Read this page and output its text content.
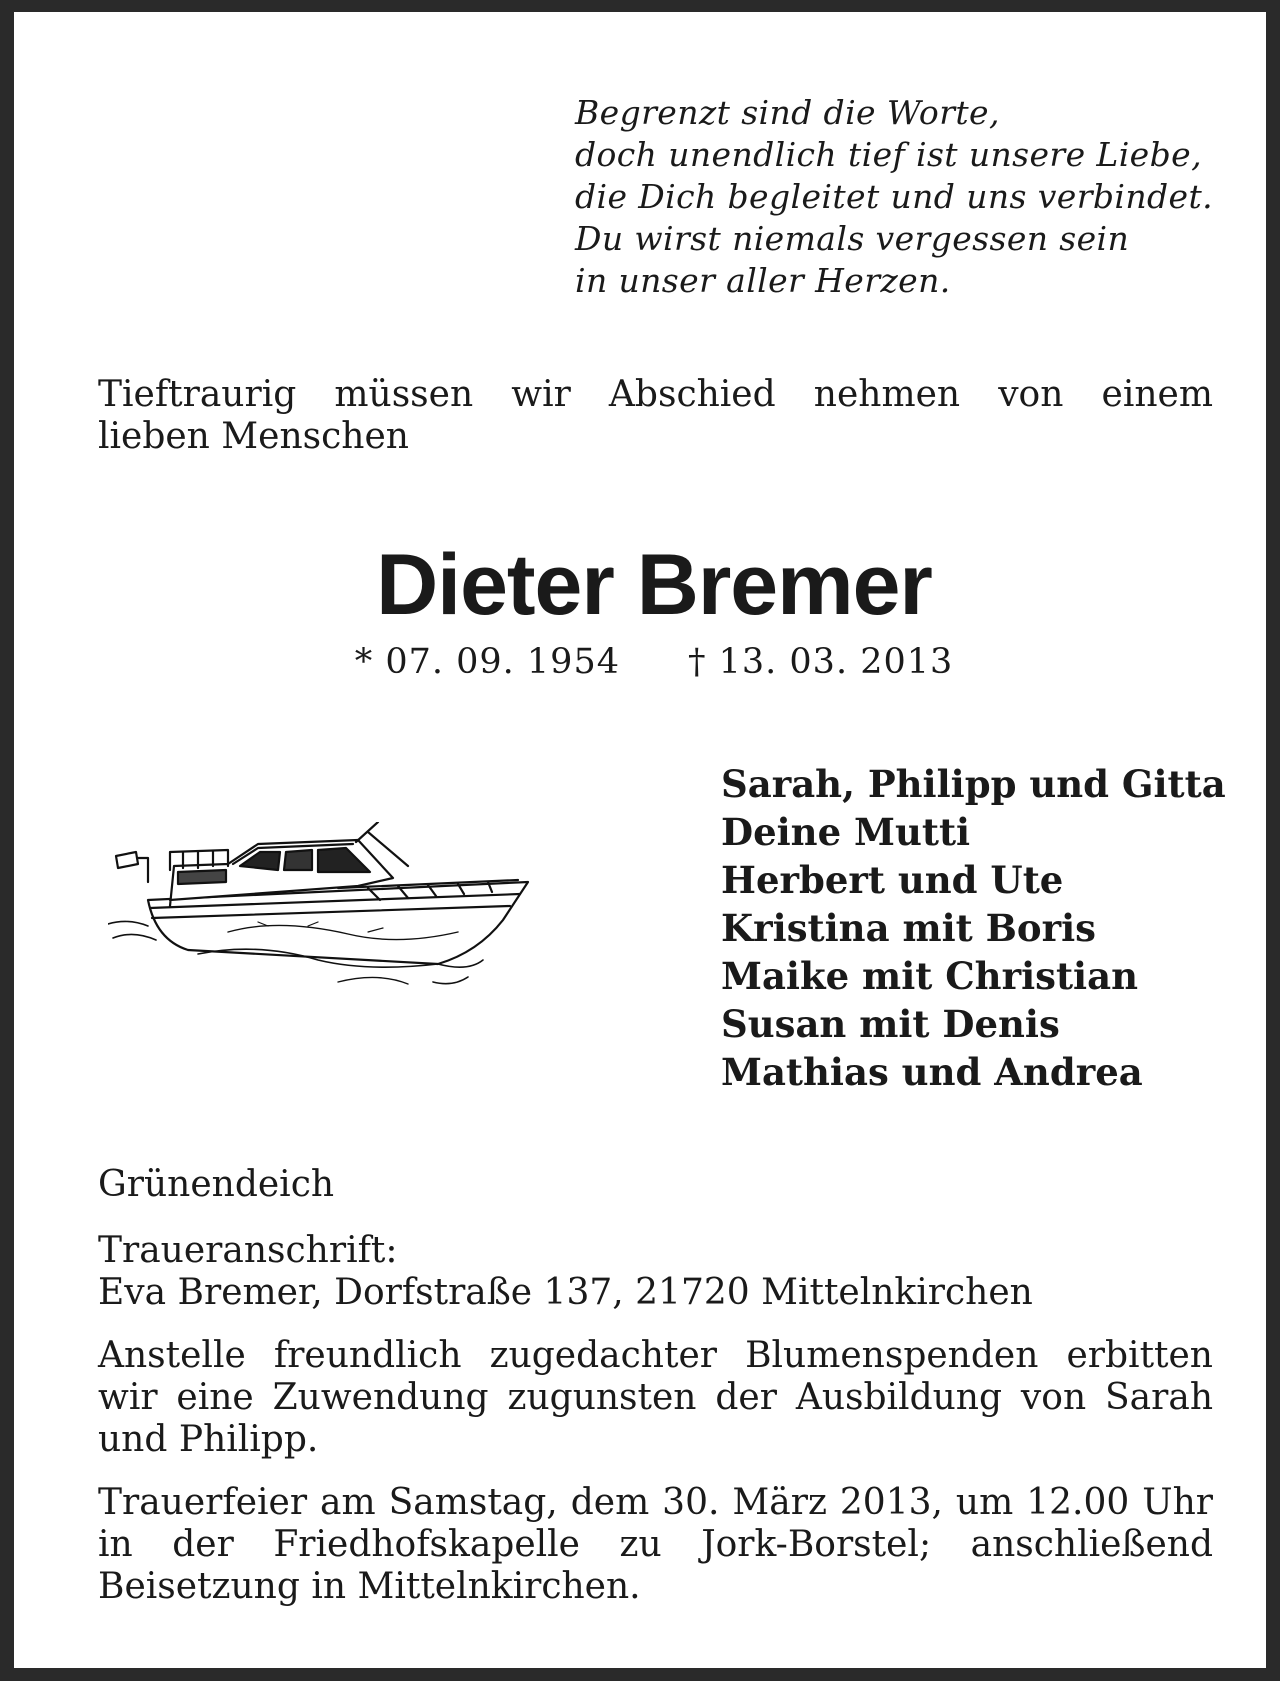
Begrenzt sind die Worte,
doch unendlich tief ist unsere Liebe,
die Dich begleitet und uns verbindet.
Du wirst niemals vergessen sein
in unser aller Herzen.
Tieftraurig müssen wir Abschied nehmen von einem
lieben Menschen
Dieter Bremer
* 07. 09. 1954 † 13. 03. 2013
Sarah, Philipp und Gitta
Deine Mutti
Herbert und Ute
Kristina mit Boris
Maike mit Christian
Susan mit Denis
Mathias und Andrea
Grünendeich
Traueranschrift:
Eva Bremer, Dorfstraße 137, 21720 Mittelnkirchen
Anstelle freundlich zugedachter Blumenspenden erbitten wir eine Zuwendung zugunsten der Ausbildung von Sarah und Philipp.
Trauerfeier am Samstag, dem 30. März 2013, um 12.00 Uhr in der Friedhofskapelle zu Jork-Borstel; anschließend Beisetzung in Mittelnkirchen.
